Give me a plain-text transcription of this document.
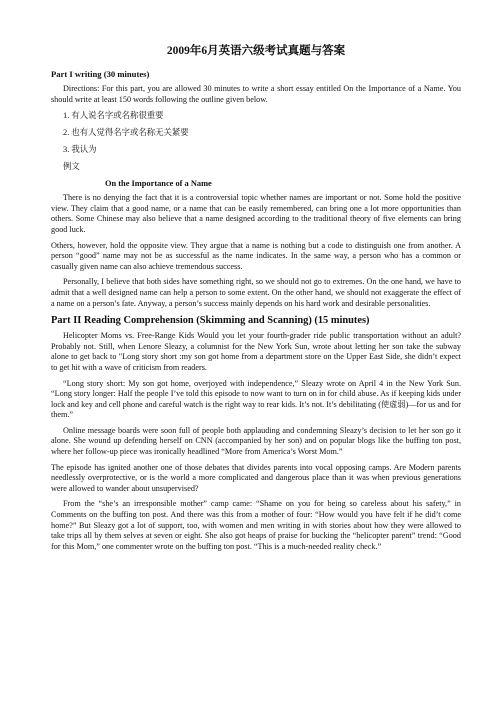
2009年6月英语六级考试真题与答案
Part I writing (30 minutes)

Directions: For this part, you are allowed 30 minutes to write a short essay entitled On the Importance of a Name. You should write at least 150 words following the outline given below.

1. 有人说名字或名称很重要
2. 也有人觉得名字或名称无关紧要
3. 我认为
例文
On the Importance of a Name

There is no denying the fact that it is a controversial topic whether names are important or not. Some hold the positive view. They claim that a good name, or a name that can be easily remembered, can bring one a lot more opportunities than others. Some Chinese may also believe that a name designed according to the traditional theory of five elements can bring good luck.

Others, however, hold the opposite view. They argue that a name is nothing but a code to distinguish one from another. A person “good” name may not be as successful as the name indicates. In the same way, a person who has a common or casually given name can also achieve tremendous success.

Personally, I believe that both sides have something right, so we should not go to extremes. On the one hand, we have to admit that a well designed name can help a person to some extent. On the other hand, we should not exaggerate the effect of a name on a person’s fate. Anyway, a person’s success mainly depends on his hard work and desirable personalities.

Part II Reading Comprehension (Skimming and Scanning) (15 minutes)

Helicopter Moms vs. Free-Range Kids Would you let your fourth-grader ride public transportation without an adult? Probably not. Still, when Lenore Sleazy, a columnist for the New York Sun, wrote about letting her son take the subway alone to get back to "Long story short :my son got home from a department store on the Upper East Side, she didn’t expect to get hit with a wave of criticism from readers.

“Long story short: My son got home, overjoyed with independence,” Sleazy wrote on April 4 in the New York Sun. “Long story longer: Half the people I’ve told this episode to now want to turn on in for child abuse. As if keeping kids under lock and key and cell phone and careful watch is the right way to rear kids. It’s not. It’s debilitating (使虚弱)—for us and for them.”

Online message boards were soon full of people both applauding and condemning Sleazy’s decision to let her son go it alone. She wound up defending herself on CNN (accompanied by her son) and on popular blogs like the buffing ton post, where her follow-up piece was ironically headlined “More from America’s Worst Mom.”

The episode has ignited another one of those debates that divides parents into vocal opposing camps. Are Modern parents needlessly overprotective, or is the world a more complicated and dangerous place than it was when previous generations were allowed to wander about unsupervised?

From the “she’s an irresponsible mother” camp came: “Shame on you for being so careless about his safety,” in Comments on the buffing ton post. And there was this from a mother of four: “How would you have felt if he did’t come home?” But Sleazy got a lot of support, too, with women and men writing in with stories about how they were allowed to take trips all by them selves at seven or eight. She also got heaps of praise for bucking the “helicopter parent” trend: “Good for this Mom,” one commenter wrote on the buffing ton post. “This is a much-needed reality check.”
